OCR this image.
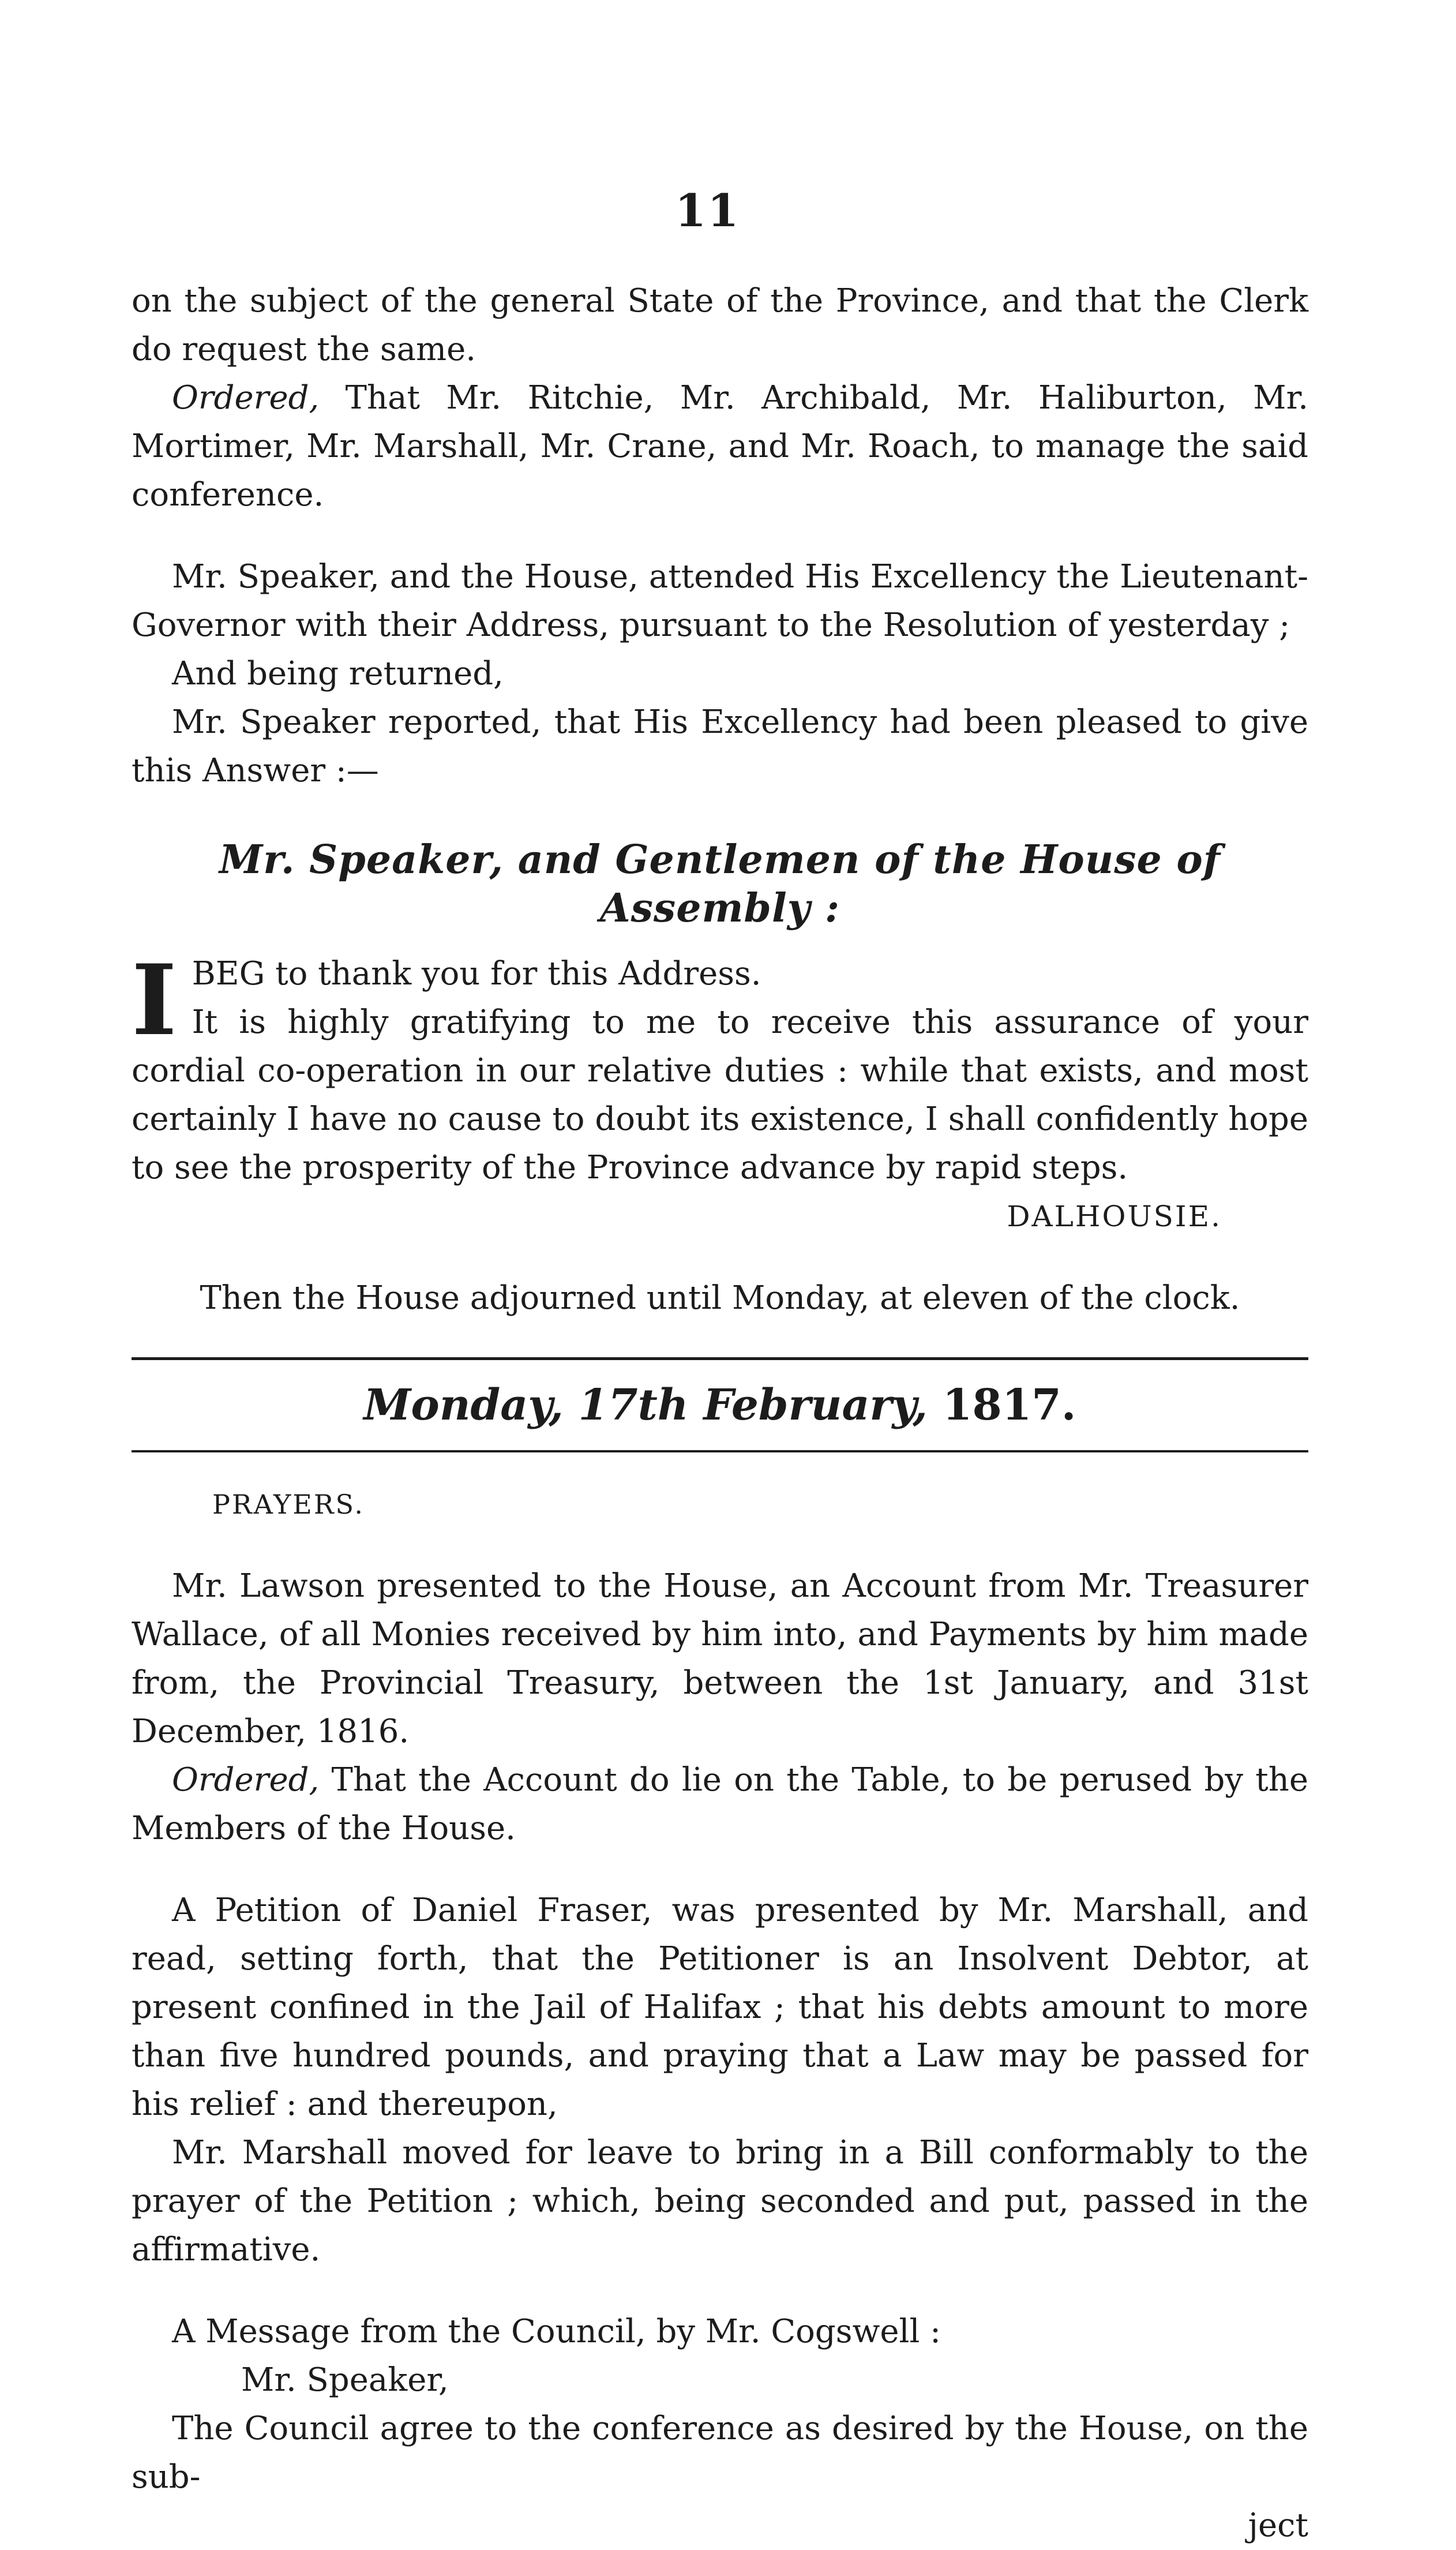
11

on the subject of the general State of the Province, and that the Clerk do request the same.

Ordered, That Mr. Ritchie, Mr. Archibald, Mr. Haliburton, Mr. Mortimer, Mr. Marshall, Mr. Crane, and Mr. Roach, to manage the said conference.

Mr. Speaker, and the House, attended His Excellency the Lieutenant-Governor with their Address, pursuant to the Resolution of yesterday ;

And being returned,

Mr. Speaker reported, that His Excellency had been pleased to give this Answer :—

Mr. Speaker, and Gentlemen of the House of Assembly :

IBEG to thank you for this Address.

It is highly gratifying to me to receive this assurance of your cordial co-operation in our relative duties : while that exists, and most certainly I have no cause to doubt its existence, I shall confidently hope to see the prosperity of the Province advance by rapid steps.

DALHOUSIE.

Then the House adjourned until Monday, at eleven of the clock.

Monday, 17th February, 1817.

PRAYERS.

Mr. Lawson presented to the House, an Account from Mr. Treasurer Wallace, of all Monies received by him into, and Payments by him made from, the Provincial Treasury, between the 1st January, and 31st December, 1816.

Ordered, That the Account do lie on the Table, to be perused by the Members of the House.

A Petition of Daniel Fraser, was presented by Mr. Marshall, and read, setting forth, that the Petitioner is an Insolvent Debtor, at present confined in the Jail of Halifax ; that his debts amount to more than five hundred pounds, and praying that a Law may be passed for his relief : and thereupon,

Mr. Marshall moved for leave to bring in a Bill conformably to the prayer of the Petition ; which, being seconded and put, passed in the affirmative.

A Message from the Council, by Mr. Cogswell :

Mr. Speaker,

The Council agree to the conference as desired by the House, on the sub-

ject
